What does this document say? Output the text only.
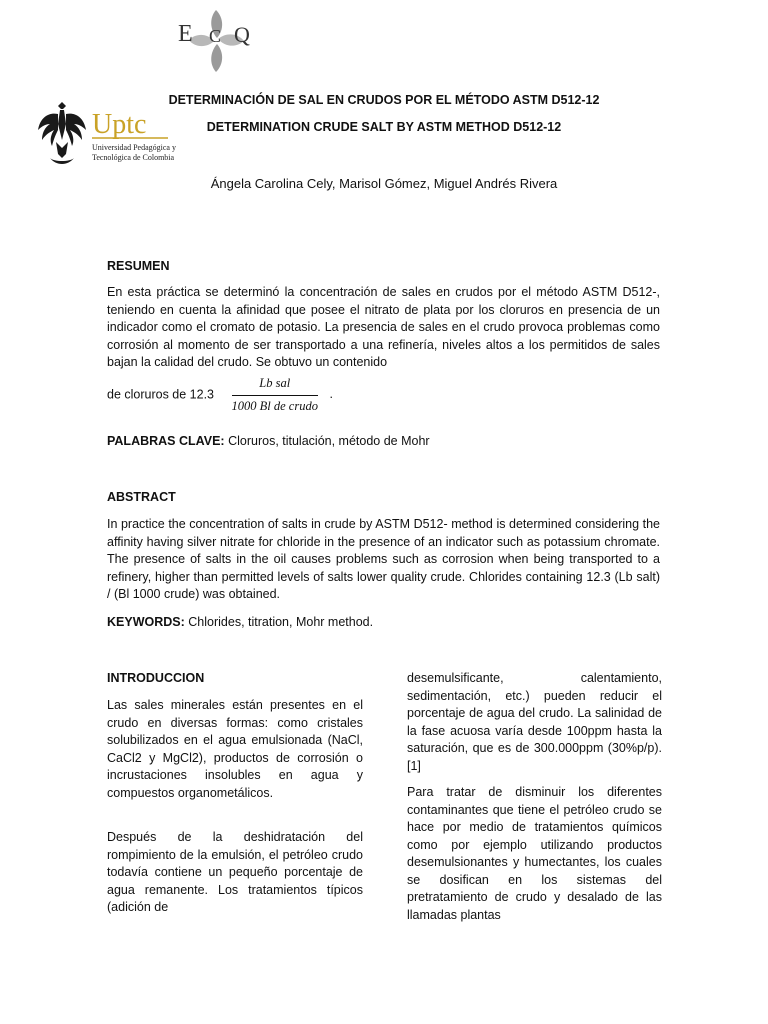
E C Q
Uptc
Universidad Pedagógica y
Tecnológica de Colombia
DETERMINACIÓN DE SAL EN CRUDOS POR EL MÉTODO ASTM D512-12
DETERMINATION CRUDE SALT BY ASTM METHOD D512-12
Ángela Carolina Cely, Marisol Gómez, Miguel Andrés Rivera
RESUMEN
En esta práctica se determinó la concentración de sales en crudos por el método ASTM D512-, teniendo en cuenta la afinidad que posee el nitrato de plata por los cloruros en presencia de un indicador como el cromato de potasio. La presencia de sales en el crudo provoca problemas como corrosión al momento de ser transportado a una refinería, niveles altos a los permitidos de sales bajan la calidad del crudo. Se obtuvo un contenido
de cloruros de $12.3 \frac{\text{Lb sal}}{\text{1000 Bl de crudo}}$ .
PALABRAS CLAVE: Cloruros, titulación, método de Mohr
ABSTRACT
In practice the concentration of salts in crude by ASTM D512- method is determined considering the affinity having silver nitrate for chloride in the presence of an indicator such as potassium chromate. The presence of salts in the oil causes problems such as corrosion when being transported to a refinery, higher than permitted levels of salts lower quality crude. Chlorides containing 12.3 (Lb salt) / (Bl 1000 crude) was obtained.
KEYWORDS: Chlorides, titration, Mohr method.
INTRODUCCION
Las sales minerales están presentes en el crudo en diversas formas: como cristales solubilizados en el agua emulsionada (NaCl, CaCl2 y MgCl2), productos de corrosión o incrustaciones insolubles en agua y compuestos organometálicos.
Después de la deshidratación del rompimiento de la emulsión, el petróleo crudo todavía contiene un pequeño porcentaje de agua remanente. Los tratamientos típicos (adición de
desemulsificante, calentamiento, sedimentación, etc.) pueden reducir el porcentaje de agua del crudo. La salinidad de la fase acuosa varía desde 100ppm hasta la saturación, que es de 300.000ppm (30%p/p). [1]
Para tratar de disminuir los diferentes contaminantes que tiene el petróleo crudo se hace por medio de tratamientos químicos como por ejemplo utilizando productos desemulsionantes y humectantes, los cuales se dosifican en los sistemas del pretratamiento de crudo y desalado de las llamadas plantas
